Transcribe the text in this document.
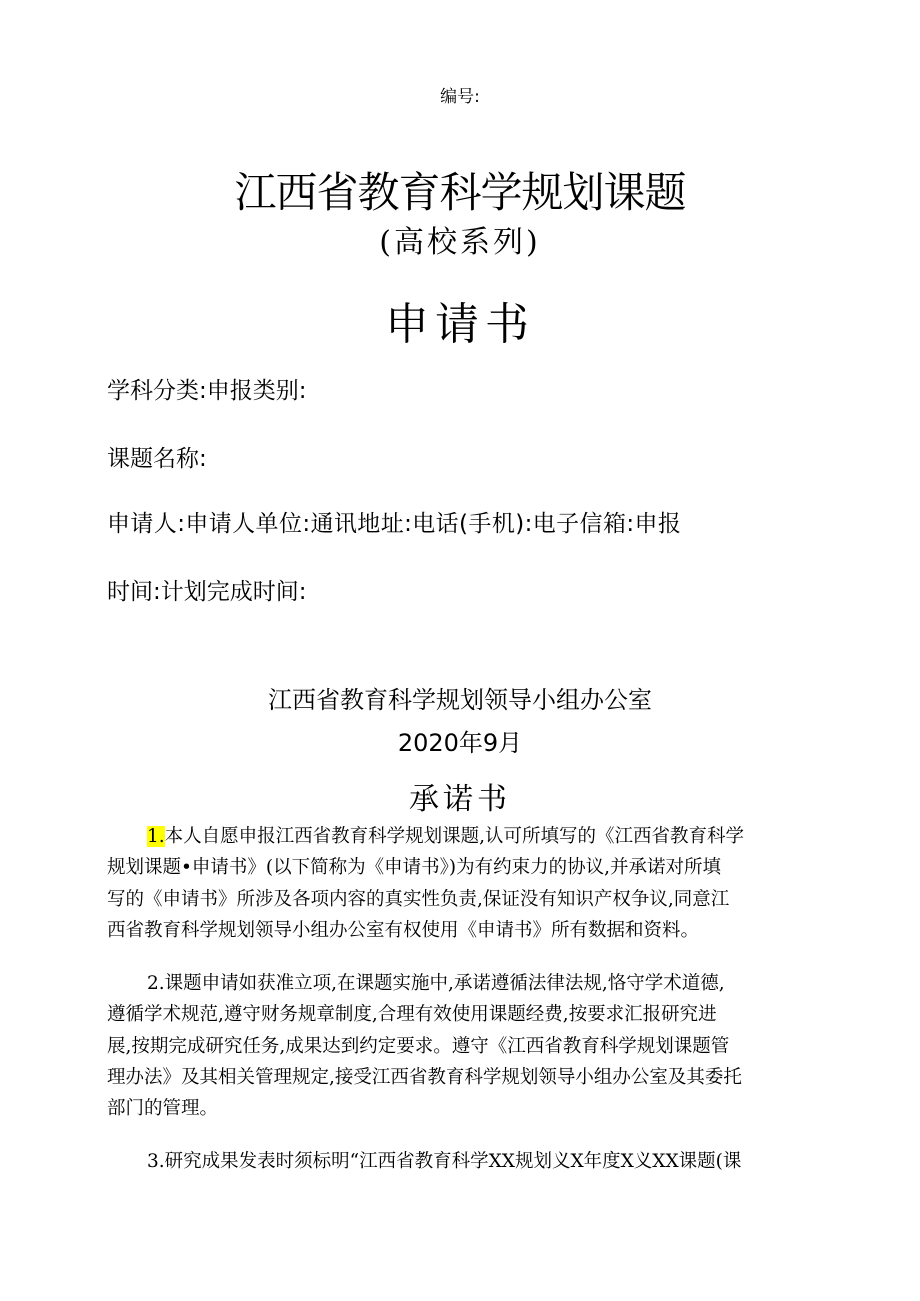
编号:
江西省教育科学规划课题
(高校系列)
申请书
学科分类:申报类别:
课题名称:
申请人:申请人单位:通讯地址:电话(手机):电子信箱:申报
时间:计划完成时间:
江西省教育科学规划领导小组办公室
2020年9月
承诺书
1.本人自愿申报江西省教育科学规划课题,认可所填写的《江西省教育科学
规划课题•申请书》(以下简称为《申请书》)为有约束力的协议,并承诺对所填
写的《申请书》所涉及各项内容的真实性负责,保证没有知识产权争议,同意江
西省教育科学规划领导小组办公室有权使用《申请书》所有数据和资料。
2.课题申请如获准立项,在课题实施中,承诺遵循法律法规,恪守学术道德,
遵循学术规范,遵守财务规章制度,合理有效使用课题经费,按要求汇报研究进
展,按期完成研究任务,成果达到约定要求。遵守《江西省教育科学规划课题管
理办法》及其相关管理规定,接受江西省教育科学规划领导小组办公室及其委托
部门的管理。
3.研究成果发表时须标明“江西省教育科学XX规划义X年度X义XX课题(课
